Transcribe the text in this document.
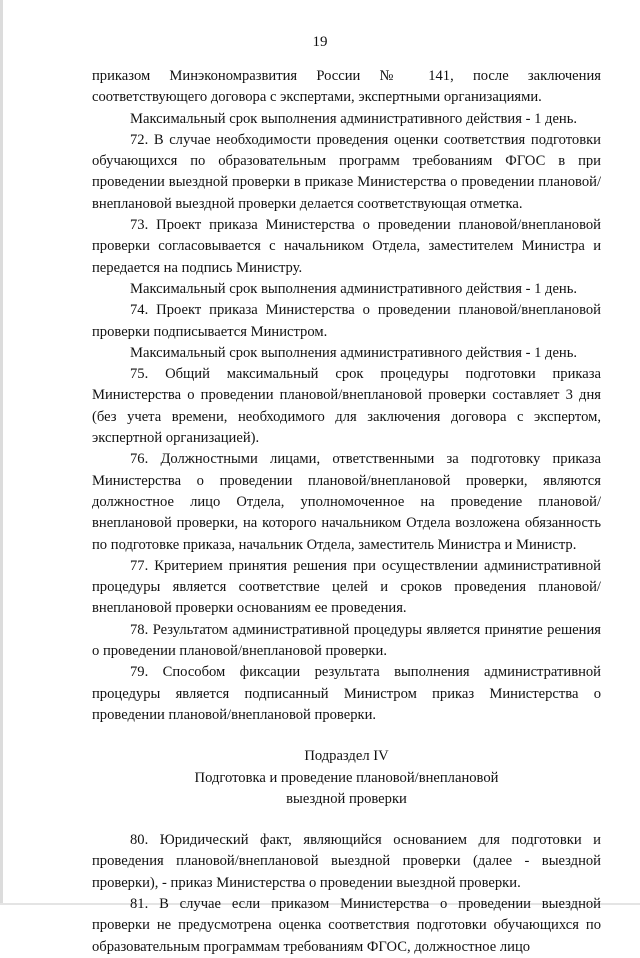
19

приказом Минэкономразвития России № 141, после заключения соответствующего договора с экспертами, экспертными организациями.

Максимальный срок выполнения административного действия - 1 день.

72. В случае необходимости проведения оценки соответствия подготовки обучающихся по образовательным программ требованиям ФГОС в при проведении выездной проверки в приказе Министерства о проведении плановой/внеплановой выездной проверки делается соответствующая отметка.

73. Проект приказа Министерства о проведении плановой/внеплановой проверки согласовывается с начальником Отдела, заместителем Министра и передается на подпись Министру.

Максимальный срок выполнения административного действия - 1 день.

74. Проект приказа Министерства о проведении плановой/внеплановой проверки подписывается Министром.

Максимальный срок выполнения административного действия - 1 день.

75. Общий максимальный срок процедуры подготовки приказа Министерства о проведении плановой/внеплановой проверки составляет 3 дня (без учета времени, необходимого для заключения договора с экспертом, экспертной организацией).

76. Должностными лицами, ответственными за подготовку приказа Министерства о проведении плановой/внеплановой проверки, являются должностное лицо Отдела, уполномоченное на проведение плановой/внеплановой проверки, на которого начальником Отдела возложена обязанность по подготовке приказа, начальник Отдела, заместитель Министра и Министр.

77. Критерием принятия решения при осуществлении административной процедуры является соответствие целей и сроков проведения плановой/внеплановой проверки основаниям ее проведения.

78. Результатом административной процедуры является принятие решения о проведении плановой/внеплановой проверки.

79. Способом фиксации результата выполнения административной процедуры является подписанный Министром приказ Министерства о проведении плановой/внеплановой проверки.

Подраздел IV

Подготовка и проведение плановой/внеплановой

выездной проверки

80. Юридический факт, являющийся основанием для подготовки и проведения плановой/внеплановой выездной проверки (далее - выездной проверки), - приказ Министерства о проведении выездной проверки.

81. В случае если приказом Министерства о проведении выездной проверки не предусмотрена оценка соответствия подготовки обучающихся по образовательным программам требованиям ФГОС, должностное лицо
